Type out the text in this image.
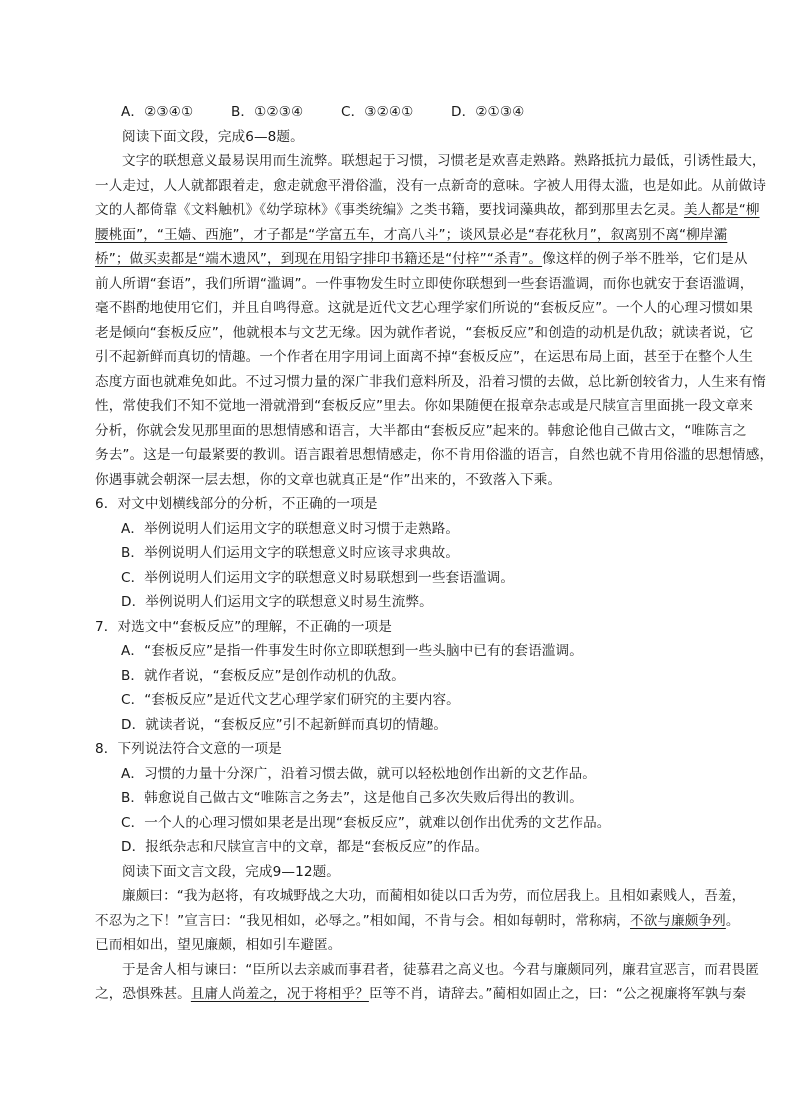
A．②③④①	B．①②③④	C．③②④①	D．②①③④
阅读下面文段，完成6—8题。
文字的联想意义最易误用而生流弊。联想起于习惯，习惯老是欢喜走熟路。熟路抵抗力最低，引诱性最大，
一人走过，人人就都跟着走，愈走就愈平滑俗滥，没有一点新奇的意味。字被人用得太滥，也是如此。从前做诗
文的人都倚靠《文料触机》《幼学琼林》《事类统编》之类书籍，要找词藻典故，都到那里去乞灵。美人都是“柳
腰桃面”，“王嫱、西施”，才子都是“学富五车，才高八斗”；谈风景必是“春花秋月”，叙离别不离“柳岸灞
桥”；做买卖都是“端木遗风”，到现在用铅字排印书籍还是“付梓”“杀青”。像这样的例子举不胜举，它们是从
前人所谓“套语”，我们所谓“滥调”。一件事物发生时立即使你联想到一些套语滥调，而你也就安于套语滥调，
毫不斟酌地使用它们，并且自鸣得意。这就是近代文艺心理学家们所说的“套板反应”。一个人的心理习惯如果
老是倾向“套板反应”，他就根本与文艺无缘。因为就作者说，“套板反应”和创造的动机是仇敌；就读者说，它
引不起新鲜而真切的情趣。一个作者在用字用词上面离不掉“套板反应”，在运思布局上面，甚至于在整个人生
态度方面也就难免如此。不过习惯力量的深广非我们意料所及，沿着习惯的去做，总比新创较省力，人生来有惰
性，常使我们不知不觉地一滑就滑到“套板反应”里去。你如果随便在报章杂志或是尺牍宣言里面挑一段文章来
分析，你就会发见那里面的思想情感和语言，大半都由“套板反应”起来的。韩愈论他自己做古文，“唯陈言之
务去”。这是一句最紧要的教训。语言跟着思想情感走，你不肯用俗滥的语言，自然也就不肯用俗滥的思想情感，
你遇事就会朝深一层去想，你的文章也就真正是“作”出来的，不致落入下乘。
6．对文中划横线部分的分析，不正确的一项是
A．举例说明人们运用文字的联想意义时习惯于走熟路。
B．举例说明人们运用文字的联想意义时应该寻求典故。
C．举例说明人们运用文字的联想意义时易联想到一些套语滥调。
D．举例说明人们运用文字的联想意义时易生流弊。
7．对选文中“套板反应”的理解，不正确的一项是
A．“套板反应”是指一件事发生时你立即联想到一些头脑中已有的套语滥调。
B．就作者说，“套板反应”是创作动机的仇敌。
C．“套板反应”是近代文艺心理学家们研究的主要内容。
D．就读者说，“套板反应”引不起新鲜而真切的情趣。
8．下列说法符合文意的一项是
A．习惯的力量十分深广，沿着习惯去做，就可以轻松地创作出新的文艺作品。
B．韩愈说自己做古文“唯陈言之务去”，这是他自己多次失败后得出的教训。
C．一个人的心理习惯如果老是出现“套板反应”，就难以创作出优秀的文艺作品。
D．报纸杂志和尺牍宣言中的文章，都是“套板反应”的作品。
阅读下面文言文段，完成9—12题。
廉颇曰：“我为赵将，有攻城野战之大功，而蔺相如徒以口舌为劳，而位居我上。且相如素贱人，吾羞，
不忍为之下！”宣言曰：“我见相如，必辱之。”相如闻，不肯与会。相如每朝时，常称病，不欲与廉颇争列。
已而相如出，望见廉颇，相如引车避匿。
于是舍人相与谏曰：“臣所以去亲戚而事君者，徒慕君之高义也。今君与廉颇同列，廉君宣恶言，而君畏匿
之，恐惧殊甚。且庸人尚羞之，况于将相乎？臣等不肖，请辞去。”蔺相如固止之，曰：“公之视廉将军孰与秦
